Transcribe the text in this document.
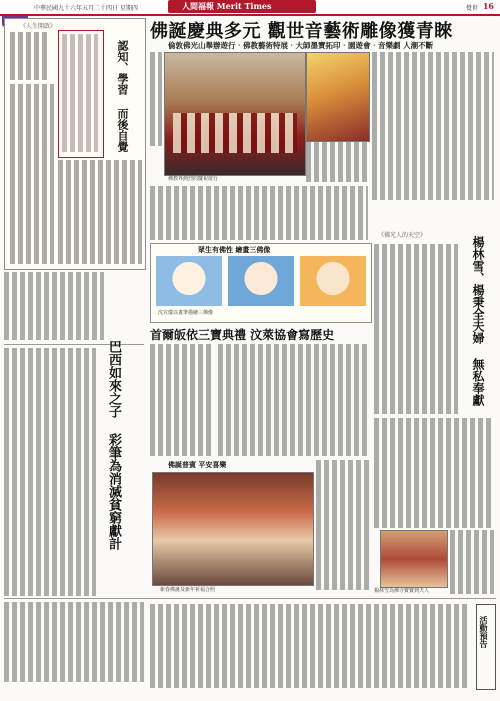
中華民國九十六年五月二十四日 星期四	人間福報 Merit Times	覺世 16
《人生開啟》
認知、學習 而後自覺
巴西如來之子 彩筆為消滅貧窮獻計
佛誕慶典多元 觀世音藝術雕像獲青睞
倫敦佛光山舉辦遊行‧佛教藝術特展‧大師墨寶拓印‧園遊會‧音樂劇 人潮不斷
佛教界熱烈的慶祝遊行
眾生有佛性 繪畫三佛像
沈宣儀以畫筆描繪三佛像
首爾皈依三寶典禮 汶萊協會寫歷史
佛誕普賓 平安喜樂
新春佛誕及新年祈福合照
《佛光人的天空》
楊林雪、楊秉全夫婦 無私奉獻
楊林雪為佛寺寶寶到夫人
活動預告
